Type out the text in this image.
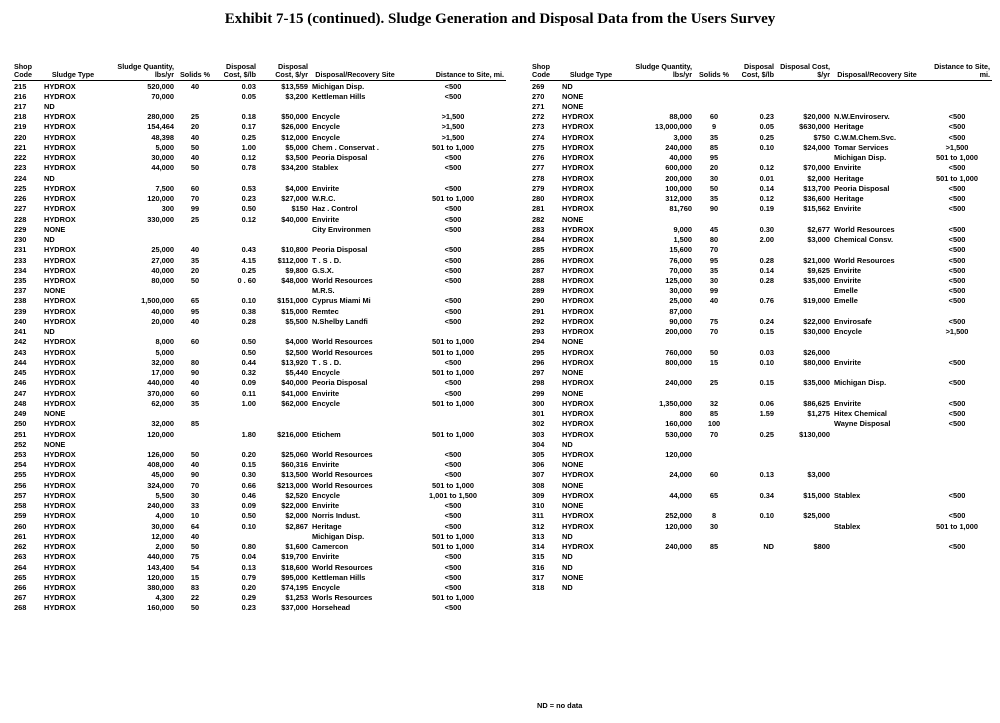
Exhibit 7-15 (continued). Sludge Generation and Disposal Data from the Users Survey
Shop Code	Sludge Type	Sludge Quantity, lbs/yr	Solids %	Disposal Cost, $/lb	Disposal Cost, $/yr	Disposal/Recovery Site	Distance to Site, mi.
215	HYDROX	520,000	40	0.03	$13,559	Michigan Disp.	<500
216	HYDROX	70,000		0.05	$3,200	Kettleman Hills	<500
217	ND						
218	HYDROX	280,000	25	0.18	$50,000	Encycle	>1,500
219	HYDROX	154,464	20	0.17	$26,000	Encycle	>1,500
220	HYDROX	48,398	40	0.25	$12,000	Encycle	>1,500
221	HYDROX	5,000	50	1.00	$5,000	Chem . Conservat .	501 to 1,000
222	HYDROX	30,000	40	0.12	$3,500	Peoria Disposal	<500
223	HYDROX	44,000	50	0.78	$34,200	Stablex	<500
224	ND						
225	HYDROX	7,500	60	0.53	$4,000	Envirite	<500
226	HYDROX	120,000	70	0.23	$27,000	W.R.C.	501 to 1,000
227	HYDROX	300	99	0.50	$150	Haz . Control	<500
228	HYDROX	330,000	25	0.12	$40,000	Envirite	<500
229	NONE					City Environmen	<500
230	ND						
231	HYDROX	25,000	40	0.43	$10,800	Peoria Disposal	<500
233	HYDROX	27,000	35	4.15	$112,000	T . S . D.	<500
234	HYDROX	40,000	20	0.25	$9,800	G.S.X.	<500
235	HYDROX	80,000	50	0 . 60	$48,000	World Resources	<500
237	NONE					M.R.S.	
238	HYDROX	1,500,000	65	0.10	$151,000	Cyprus Miami Mi	<500
239	HYDROX	40,000	95	0.38	$15,000	Remtec	<500
240	HYDROX	20,000	40	0.28	$5,500	N.Shelby Landfi	<500
241	ND						
242	HYDROX	8,000	60	0.50	$4,000	World Resources	501 to 1,000
243	HYDROX	5,000		0.50	$2,500	World Resources	501 to 1,000
244	HYDROX	32,000	80	0.44	$13,920	T . S . D.	<500
245	HYDROX	17,000	90	0.32	$5,440	Encycle	501 to 1,000
246	HYDROX	440,000	40	0.09	$40,000	Peoria Disposal	<500
247	HYDROX	370,000	60	0.11	$41,000	Envirite	<500
248	HYDROX	62,000	35	1.00	$62,000	Encycle	501 to 1,000
249	NONE						
250	HYDROX	32,000	85				
251	HYDROX	120,000		1.80	$216,000	Etichem	501 to 1,000
252	NONE						
253	HYDROX	126,000	50	0.20	$25,060	World Resources	<500
254	HYDROX	408,000	40	0.15	$60,316	Envirite	<500
255	HYDROX	45,000	90	0.30	$13,500	World Resources	<500
256	HYDROX	324,000	70	0.66	$213,000	World Resources	501 to 1,000
257	HYDROX	5,500	30	0.46	$2,520	Encycle	1,001 to 1,500
258	HYDROX	240,000	33	0.09	$22,000	Envirite	<500
259	HYDROX	4,000	10	0.50	$2,000	Norris Indust.	<500
260	HYDROX	30,000	64	0.10	$2,867	Heritage	<500
261	HYDROX	12,000	40			Michigan Disp.	501 to 1,000
262	HYDROX	2,000	50	0.80	$1,600	Camercon	501 to 1,000
263	HYDROX	440,000	75	0.04	$19,700	Envirite	<500
264	HYDROX	143,400	54	0.13	$18,600	World Resources	<500
265	HYDROX	120,000	15	0.79	$95,000	Kettleman Hills	<500
266	HYDROX	380,000	83	0.20	$74,195	Encycle	<500
267	HYDROX	4,300	22	0.29	$1,253	Worls Resources	501 to 1,000
268	HYDROX	160,000	50	0.23	$37,000	Horsehead	<500
Shop Code	Sludge Type	Sludge Quantity, lbs/yr	Solids %	Disposal Cost, $/lb	Disposal Cost, $/yr	Disposal/Recovery Site	Distance to Site, mi.
269	ND						
270	NONE						
271	NONE						
272	HYDROX	88,000	60	0.23	$20,000	N.W.Enviroserv.	<500
273	HYDROX	13,000,000	9	0.05	$630,000	Heritage	<500
274	HYDROX	3,000	35	0.25	$750	C.W.M.Chem.Svc.	<500
275	HYDROX	240,000	85	0.10	$24,000	Tomar Services	>1,500
276	HYDROX	40,000	95			Michigan Disp.	501 to 1,000
277	HYDROX	600,000	20	0.12	$70,000	Envirite	<500
278	HYDROX	200,000	30	0.01	$2,000	Heritage	501 to 1,000
279	HYDROX	100,000	50	0.14	$13,700	Peoria Disposal	<500
280	HYDROX	312,000	35	0.12	$36,600	Heritage	<500
281	HYDROX	81,760	90	0.19	$15,562	Envirite	<500
282	NONE						
283	HYDROX	9,000	45	0.30	$2,677	World Resources	<500
284	HYDROX	1,500	80	2.00	$3,000	Chemical Consv.	<500
285	HYDROX	15,600	70				<500
286	HYDROX	76,000	95	0.28	$21,000	World Resources	<500
287	HYDROX	70,000	35	0.14	$9,625	Envirite	<500
288	HYDROX	125,000	30	0.28	$35,000	Envirite	<500
289	HYDROX	30,000	99			Emelle	<500
290	HYDROX	25,000	40	0.76	$19,000	Emelle	<500
291	HYDROX	87,000					
292	HYDROX	90,000	75	0.24	$22,000	Envirosafe	<500
293	HYDROX	200,000	70	0.15	$30,000	Encycle	>1,500
294	NONE						
295	HYDROX	760,000	50	0.03	$26,000		
296	HYDROX	800,000	15	0.10	$80,000	Envirite	<500
297	NONE						
298	HYDROX	240,000	25	0.15	$35,000	Michigan Disp.	<500
299	NONE						
300	HYDROX	1,350,000	32	0.06	$86,625	Envirite	<500
301	HYDROX	800	85	1.59	$1,275	Hitex Chemical	<500
302	HYDROX	160,000	100			Wayne Disposal	<500
303	HYDROX	530,000	70	0.25	$130,000		
304	ND						
305	HYDROX	120,000					
306	NONE						
307	HYDROX	24,000	60	0.13	$3,000		
308	NONE						
309	HYDROX	44,000	65	0.34	$15,000	Stablex	<500
310	NONE						
311	HYDROX	252,000	8	0.10	$25,000		<500
312	HYDROX	120,000	30			Stablex	501 to 1,000
313	ND						
314	HYDROX	240,000	85	ND	$800		<500
315	ND						
316	ND						
317	NONE						
318	ND						
ND = no data
